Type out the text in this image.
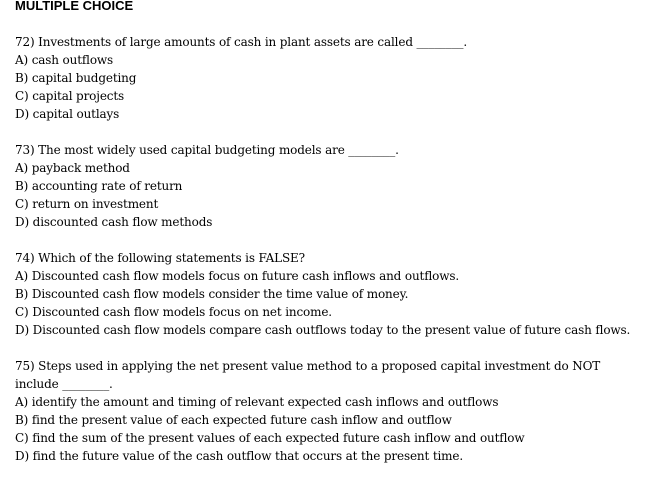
MULTIPLE CHOICE
72) Investments of large amounts of cash in plant assets are called ________.
A) cash outflows
B) capital budgeting
C) capital projects
D) capital outlays
73) The most widely used capital budgeting models are ________.
A) payback method
B) accounting rate of return
C) return on investment
D) discounted cash flow methods
74) Which of the following statements is FALSE?
A) Discounted cash flow models focus on future cash inflows and outflows.
B) Discounted cash flow models consider the time value of money.
C) Discounted cash flow models focus on net income.
D) Discounted cash flow models compare cash outflows today to the present value of future cash flows.
75) Steps used in applying the net present value method to a proposed capital investment do NOT include ________.
A) identify the amount and timing of relevant expected cash inflows and outflows
B) find the present value of each expected future cash inflow and outflow
C) find the sum of the present values of each expected future cash inflow and outflow
D) find the future value of the cash outflow that occurs at the present time.
